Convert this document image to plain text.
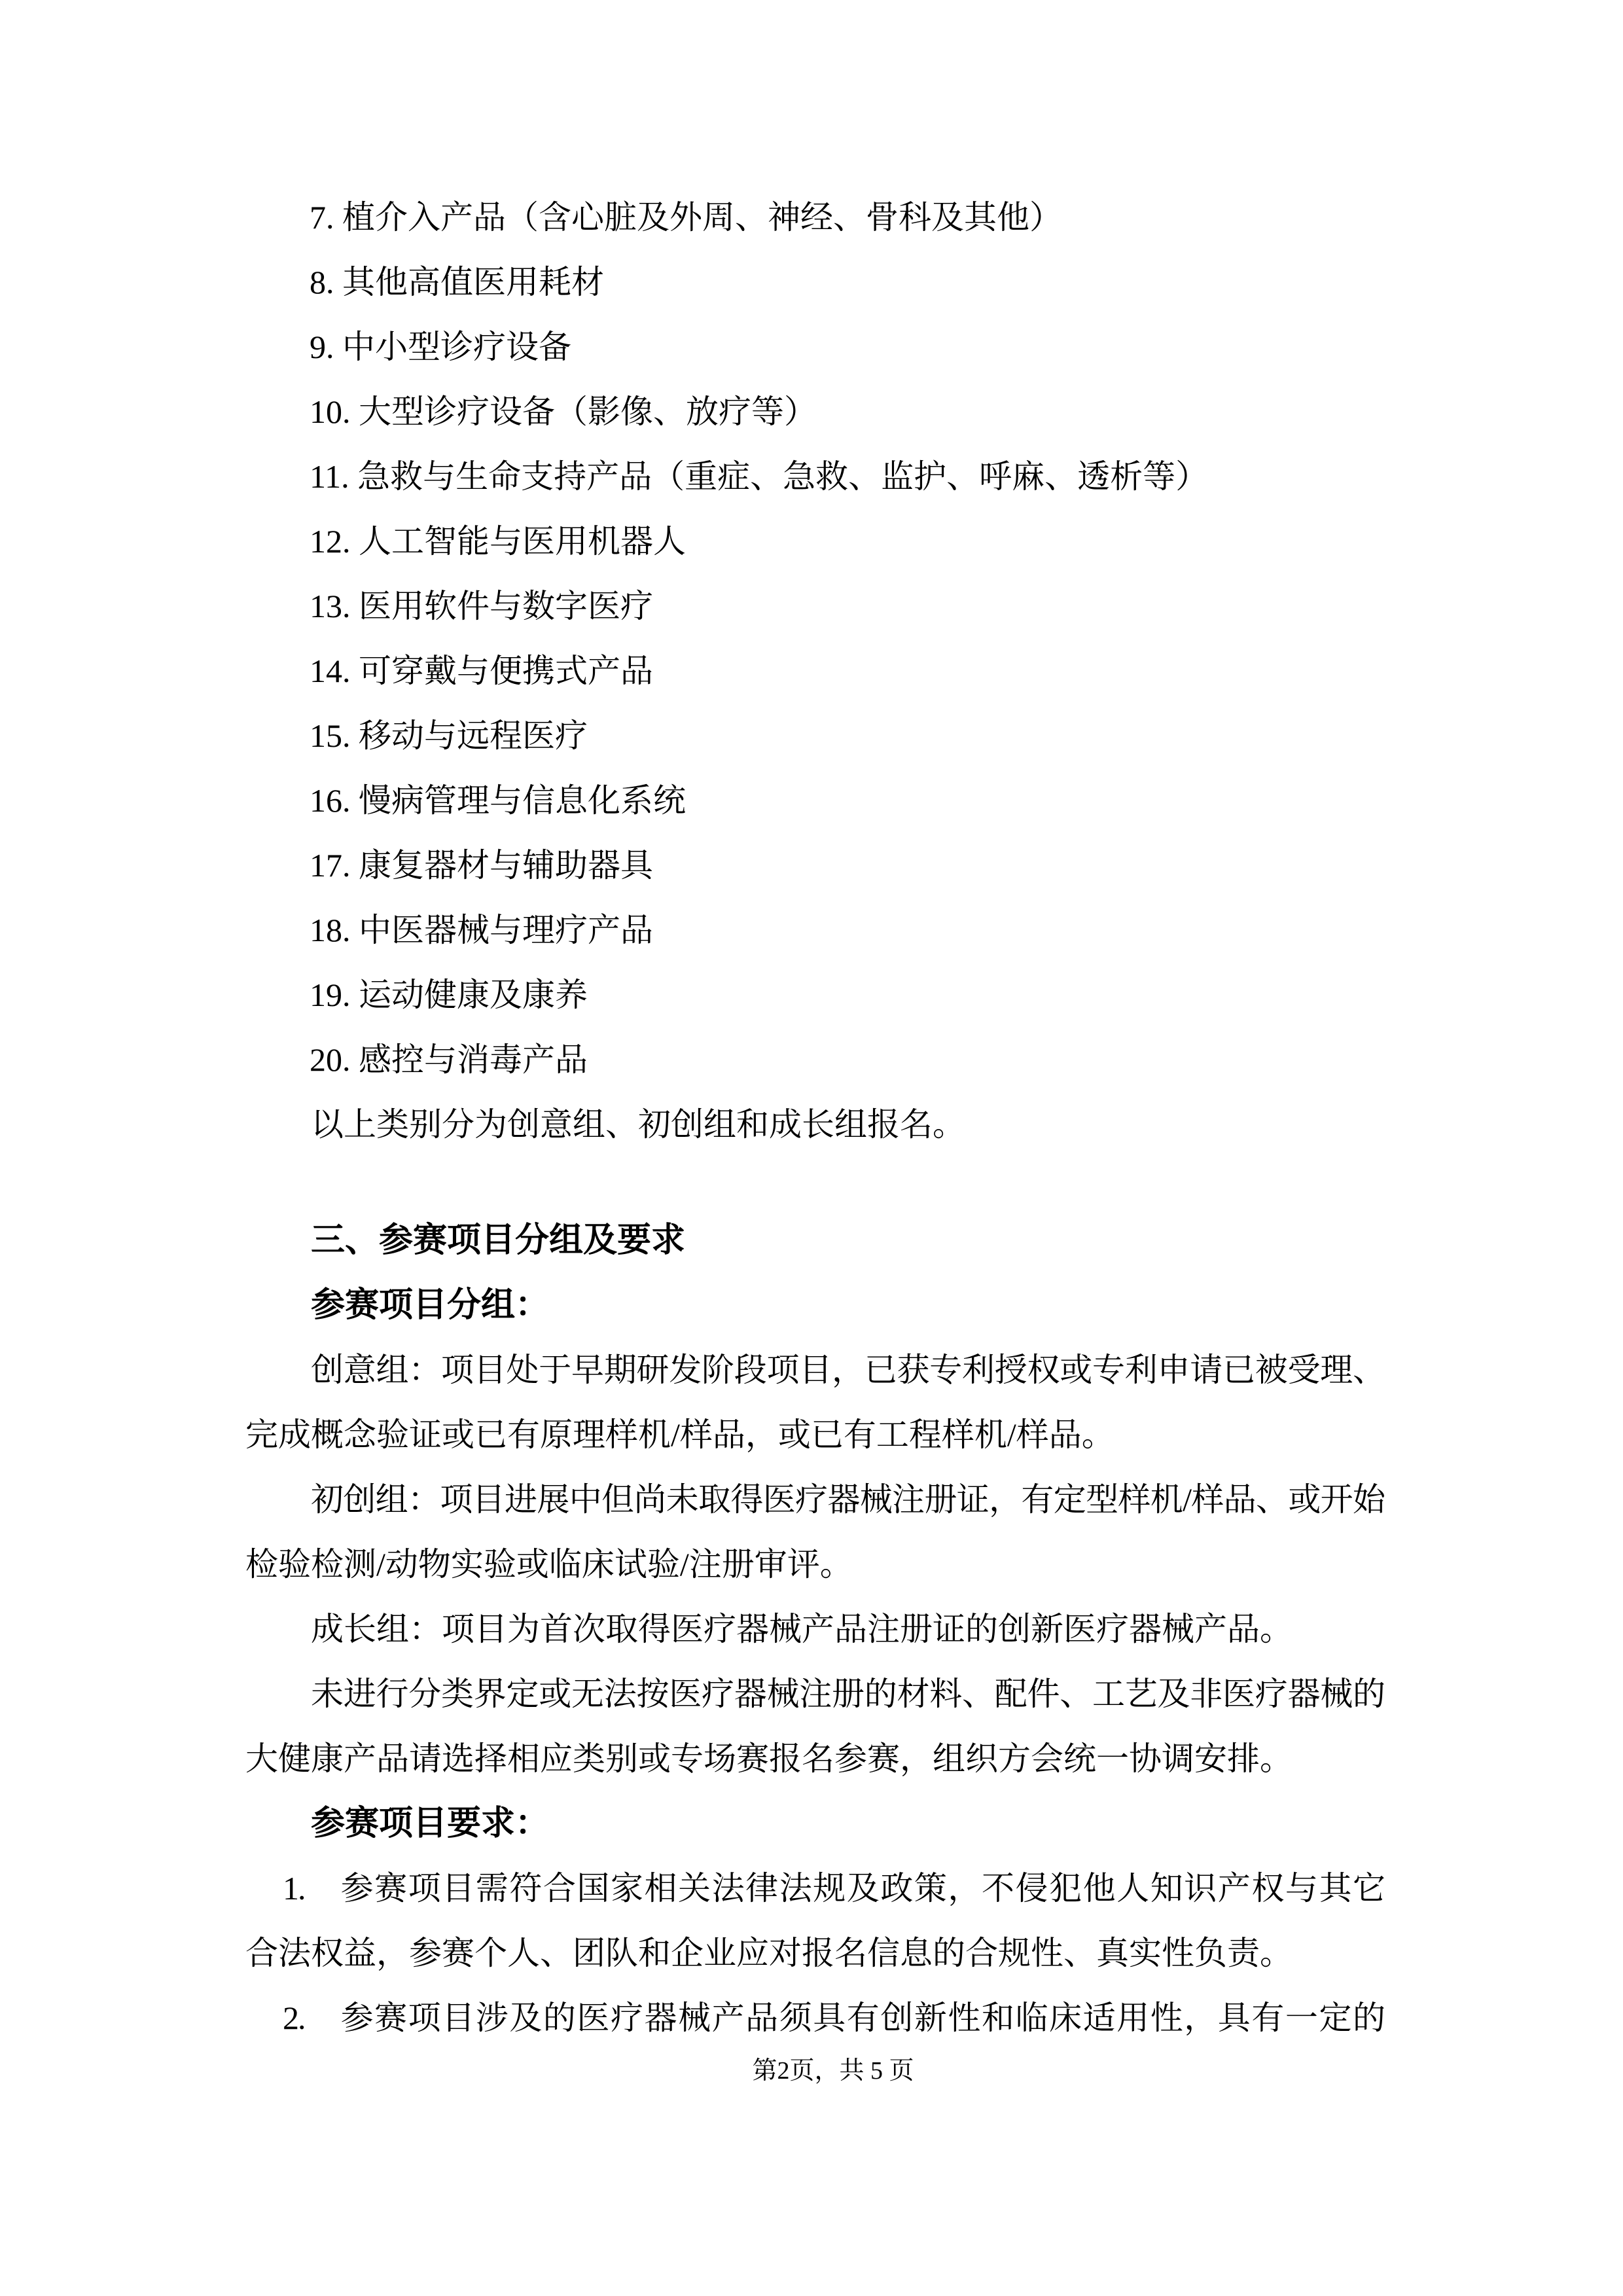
7. 植介入产品（含心脏及外周、神经、骨科及其他）

8. 其他高值医用耗材

9. 中小型诊疗设备

10. 大型诊疗设备（影像、放疗等）

11. 急救与生命支持产品（重症、急救、监护、呼麻、透析等）

12. 人工智能与医用机器人

13. 医用软件与数字医疗

14. 可穿戴与便携式产品

15. 移动与远程医疗

16. 慢病管理与信息化系统

17. 康复器材与辅助器具

18. 中医器械与理疗产品

19. 运动健康及康养

20. 感控与消毒产品

以上类别分为创意组、初创组和成长组报名。

三、参赛项目分组及要求

参赛项目分组：

创意组：项目处于早期研发阶段项目，已获专利授权或专利申请已被受理、

完成概念验证或已有原理样机/样品，或已有工程样机/样品。

初创组：项目进展中但尚未取得医疗器械注册证，有定型样机/样品、或开始

检验检测/动物实验或临床试验/注册审评。

成长组：项目为首次取得医疗器械产品注册证的创新医疗器械产品。

未进行分类界定或无法按医疗器械注册的材料、配件、工艺及非医疗器械的

大健康产品请选择相应类别或专场赛报名参赛，组织方会统一协调安排。

参赛项目要求：

1.　参赛项目需符合国家相关法律法规及政策，不侵犯他人知识产权与其它

合法权益，参赛个人、团队和企业应对报名信息的合规性、真实性负责。

2.　参赛项目涉及的医疗器械产品须具有创新性和临床适用性，具有一定的

第2页，共 5 页
